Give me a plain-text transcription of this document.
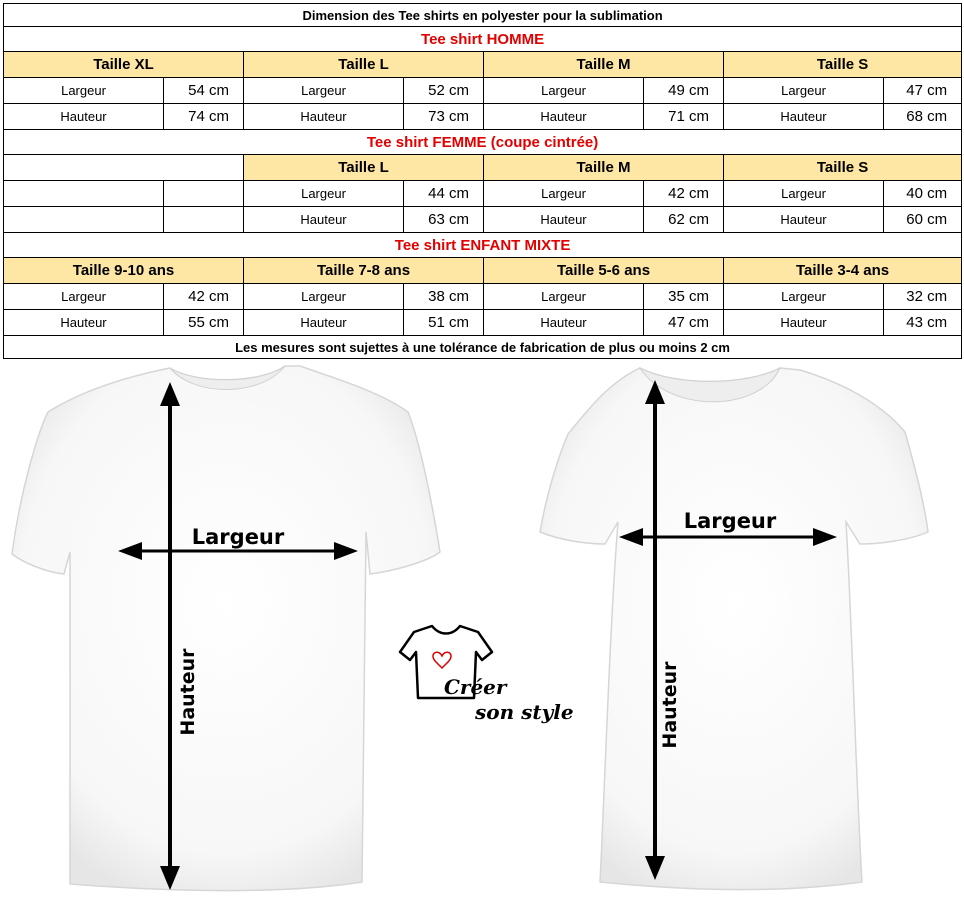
Dimension des Tee shirts en polyester pour la sublimation							
Tee shirt HOMME							
Taille XL		Taille L		Taille M		Taille S	
Largeur	54 cm	Largeur	52 cm	Largeur	49 cm	Largeur	47 cm
Hauteur	74 cm	Hauteur	73 cm	Hauteur	71 cm	Hauteur	68 cm
Tee shirt FEMME (coupe cintrée)							
		Taille L		Taille M		Taille S	
		Largeur	44 cm	Largeur	42 cm	Largeur	40 cm
		Hauteur	63 cm	Hauteur	62 cm	Hauteur	60 cm
Tee shirt ENFANT MIXTE							
Taille 9-10 ans		Taille 7-8 ans		Taille 5-6 ans		Taille 3-4 ans	
Largeur	42 cm	Largeur	38 cm	Largeur	35 cm	Largeur	32 cm
Hauteur	55 cm	Hauteur	51 cm	Hauteur	47 cm	Hauteur	43 cm
Les mesures sont sujettes à une tolérance de fabrication de plus ou moins 2 cm							
Largeur
Hauteur
Largeur
Hauteur
Créer
son style
